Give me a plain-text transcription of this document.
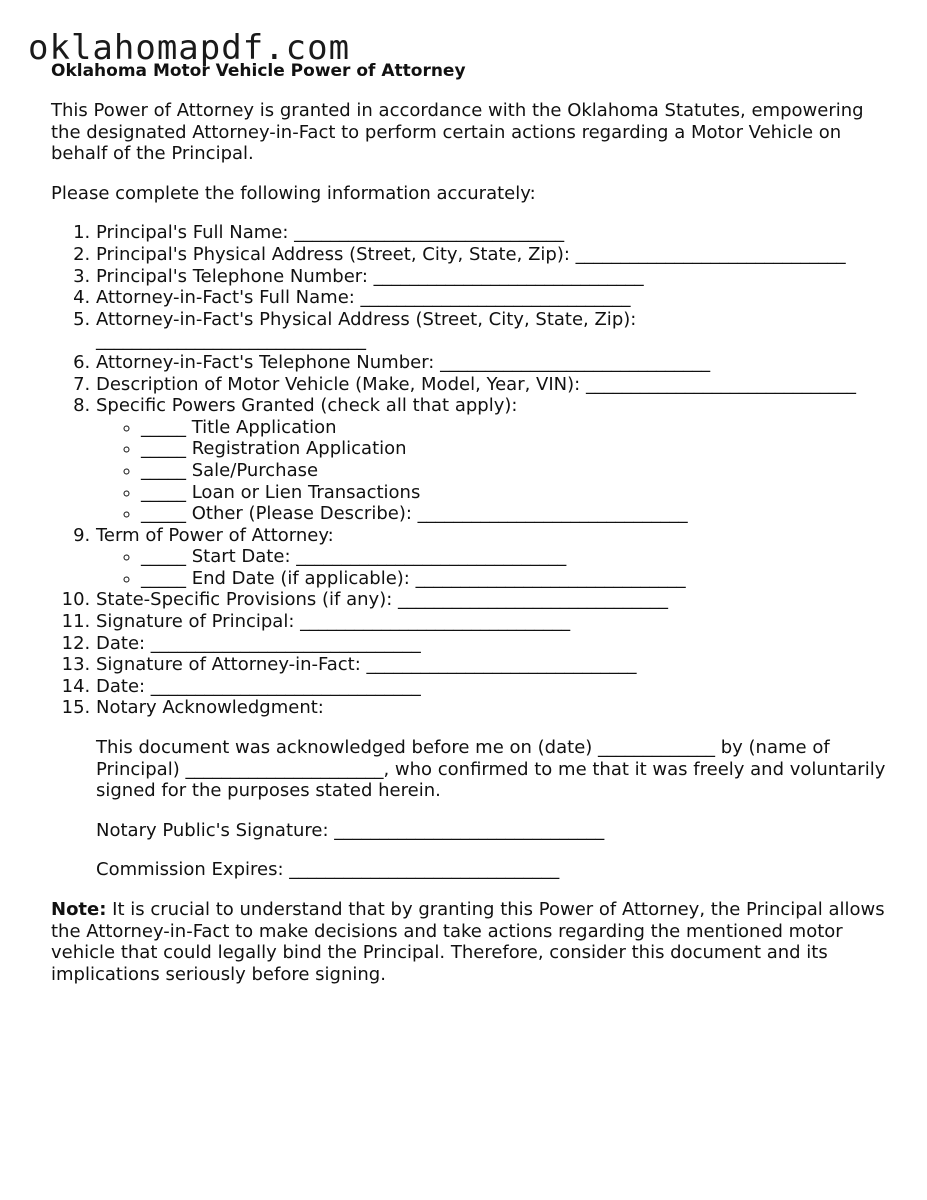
oklahomapdf.com
Oklahoma Motor Vehicle Power of Attorney

This Power of Attorney is granted in accordance with the Oklahoma Statutes, empowering the designated Attorney-in-Fact to perform certain actions regarding a Motor Vehicle on behalf of the Principal.

Please complete the following information accurately:

1. Principal's Full Name: ______________________________
2. Principal's Physical Address (Street, City, State, Zip): ______________________________
3. Principal's Telephone Number: ______________________________
4. Attorney-in-Fact's Full Name: ______________________________
5. Attorney-in-Fact's Physical Address (Street, City, State, Zip): ______________________________
6. Attorney-in-Fact's Telephone Number: ______________________________
7. Description of Motor Vehicle (Make, Model, Year, VIN): ______________________________
8. Specific Powers Granted (check all that apply):
◦ _____ Title Application
◦ _____ Registration Application
◦ _____ Sale/Purchase
◦ _____ Loan or Lien Transactions
◦ _____ Other (Please Describe): ______________________________
9. Term of Power of Attorney:
◦ _____ Start Date: ______________________________
◦ _____ End Date (if applicable): ______________________________
10. State-Specific Provisions (if any): ______________________________
11. Signature of Principal: ______________________________
12. Date: ______________________________
13. Signature of Attorney-in-Fact: ______________________________
14. Date: ______________________________
15. Notary Acknowledgment:

This document was acknowledged before me on (date) _____________ by (name of Principal) ______________________, who confirmed to me that it was freely and voluntarily signed for the purposes stated herein.

Notary Public's Signature: ______________________________

Commission Expires: ______________________________

Note: It is crucial to understand that by granting this Power of Attorney, the Principal allows the Attorney-in-Fact to make decisions and take actions regarding the mentioned motor vehicle that could legally bind the Principal. Therefore, consider this document and its implications seriously before signing.
